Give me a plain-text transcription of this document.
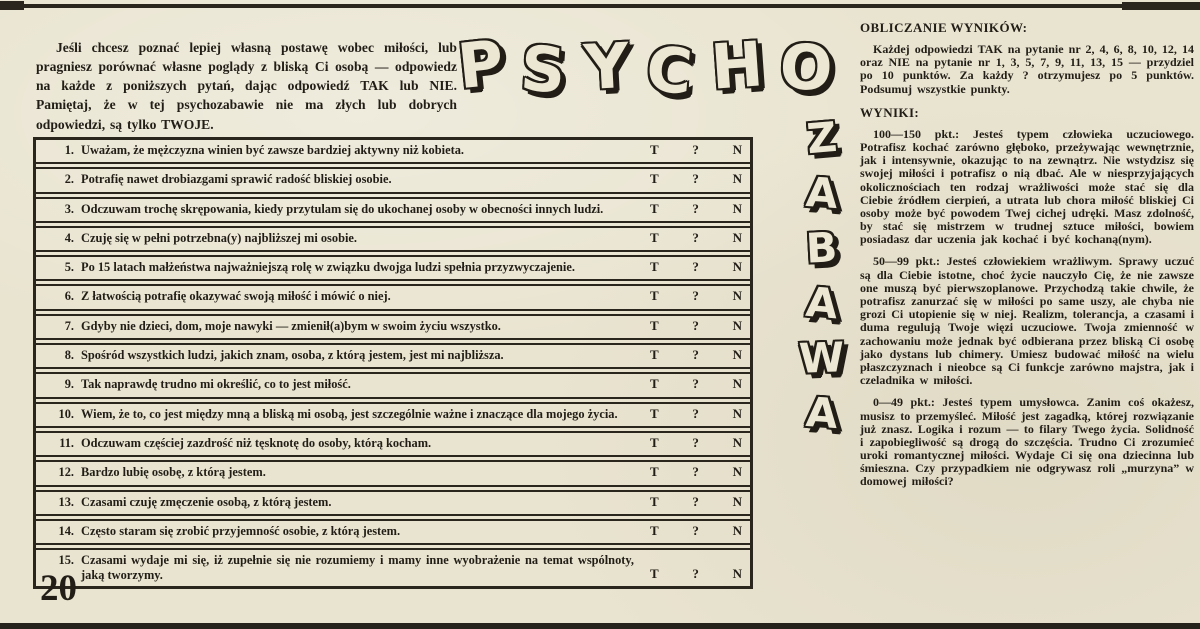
Jeśli chcesz poznać lepiej własną postawę wobec miłości, lub pragniesz porównać własne poglądy z bliską Ci osobą — odpowiedz na każde z poniższych pytań, dając odpowiedź TAK lub NIE. Pamiętaj, że w tej psychozabawie nie ma złych lub dobrych odpowiedzi, są tylko TWOJE.

P S Y C H O
Z
A
B
A
W
A
1. Uważam, że mężczyzna winien być zawsze bardziej aktywny niż kobieta.	T	?	N
2. Potrafię nawet drobiazgami sprawić radość bliskiej osobie.	T	?	N
3. Odczuwam trochę skrępowania, kiedy przytulam się do ukochanej osoby w obecności innych ludzi.	T	?	N
4. Czuję się w pełni potrzebna(y) najbliższej mi osobie.	T	?	N
5. Po 15 latach małżeństwa najważniejszą rolę w związku dwojga ludzi spełnia przyzwyczajenie.	T	?	N
6. Z łatwością potrafię okazywać swoją miłość i mówić o niej.	T	?	N
7. Gdyby nie dzieci, dom, moje nawyki — zmienił(a)bym w swoim życiu wszystko.	T	?	N
8. Spośród wszystkich ludzi, jakich znam, osoba, z którą jestem, jest mi najbliższa.	T	?	N
9. Tak naprawdę trudno mi określić, co to jest miłość.	T	?	N
10. Wiem, że to, co jest między mną a bliską mi osobą, jest szczególnie ważne i znaczące dla mojego życia.	T	?	N
11. Odczuwam częściej zazdrość niż tęsknotę do osoby, którą kocham.	T	?	N
12. Bardzo lubię osobę, z którą jestem.	T	?	N
13. Czasami czuję zmęczenie osobą, z którą jestem.	T	?	N
14. Często staram się zrobić przyjemność osobie, z którą jestem.	T	?	N
15. Czasami wydaje mi się, iż zupełnie się nie rozumiemy i mamy inne wyobrażenie na temat wspólnoty, jaką tworzymy.	T	?	N
20
OBLICZANIE WYNIKÓW:

Każdej odpowiedzi TAK na pytanie nr 2, 4, 6, 8, 10, 12, 14 oraz NIE na pytanie nr 1, 3, 5, 7, 9, 11, 13, 15 — przydziel po 10 punktów. Za każdy ? otrzymujesz po 5 punktów. Podsumuj wszystkie punkty.

WYNIKI:

100—150 pkt.: Jesteś typem człowieka uczuciowego. Potrafisz kochać zarówno głęboko, przeżywając wewnętrznie, jak i intensywnie, okazując to na zewnątrz. Nie wstydzisz się swojej miłości i potrafisz o nią dbać. Ale w niesprzyjających okolicznościach ten rodzaj wrażliwości może stać się dla Ciebie źródłem cierpień, a utrata lub chora miłość bliskiej Ci osoby może być powodem Twej cichej udręki. Masz zdolność, by stać się mistrzem w trudnej sztuce miłości, bowiem posiadasz dar uczenia jak kochać i być kochaną(nym).

50—99 pkt.: Jesteś człowiekiem wrażliwym. Sprawy uczuć są dla Ciebie istotne, choć życie nauczyło Cię, że nie zawsze one muszą być pierwszoplanowe. Przychodzą takie chwile, że potrafisz zanurzać się w miłości po same uszy, ale chyba nie grozi Ci utopienie się w niej. Realizm, tolerancja, a czasami i duma regulują Twoje więzi uczuciowe. Twoja zmienność w zachowaniu może jednak być odbierana przez bliską Ci osobę jako dystans lub chimery. Umiesz budować miłość na wielu płaszczyznach i nieobce są Ci funkcje zarówno majstra, jak i czeladnika w miłości.

0—49 pkt.: Jesteś typem umysłowca. Zanim coś okażesz, musisz to przemyśleć. Miłość jest zagadką, której rozwiązanie już znasz. Logika i rozum — to filary Twego życia. Solidność i zapobiegliwość są drogą do szczęścia. Trudno Ci zrozumieć uroki romantycznej miłości. Wydaje Ci się ona dziecinna lub śmieszna. Czy przypadkiem nie odgrywasz roli „murzyna” w domowej miłości?
